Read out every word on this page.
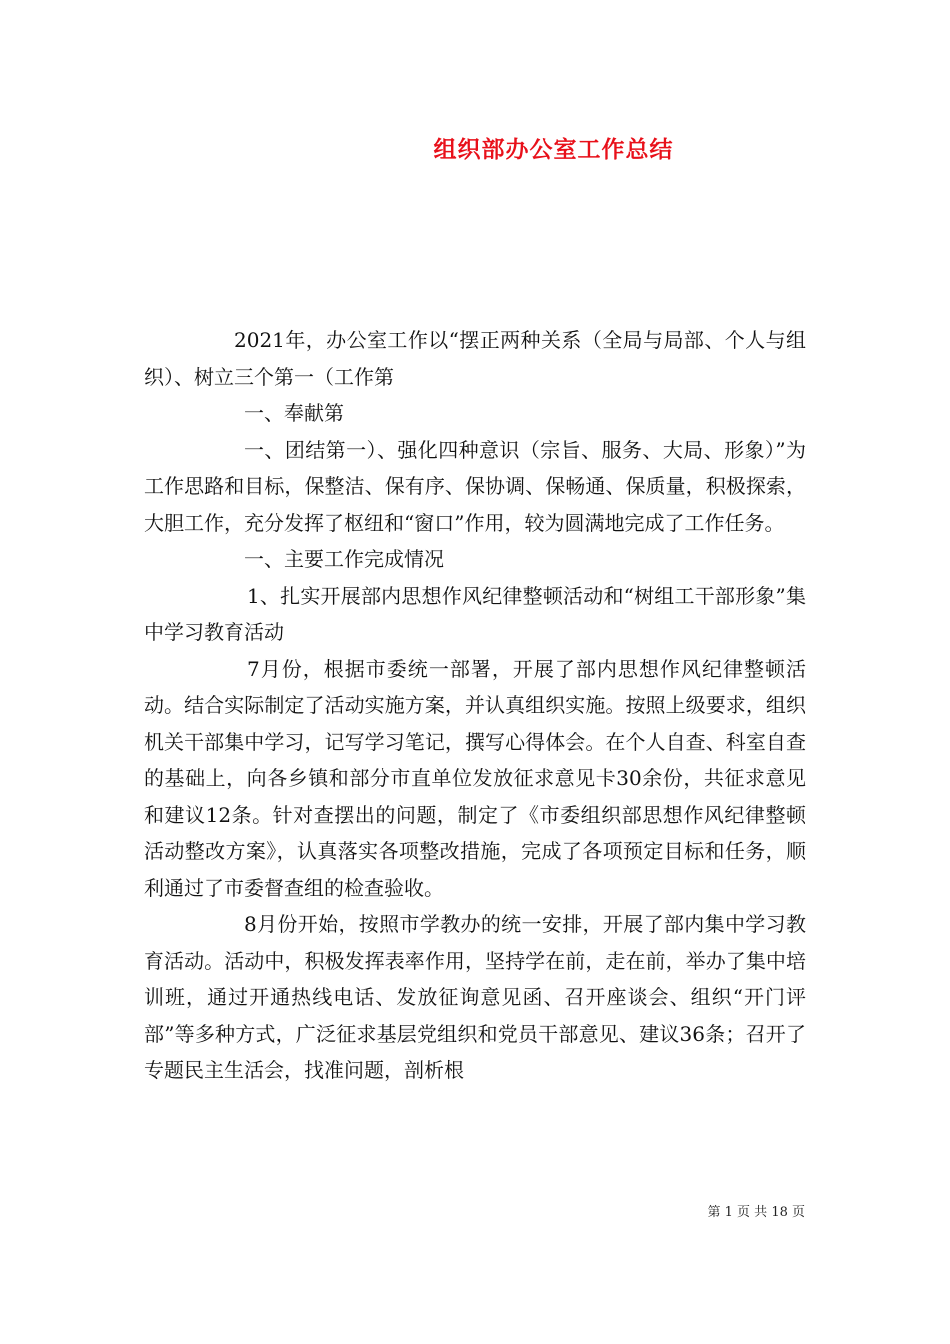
组织部办公室工作总结

2021年，办公室工作以“摆正两种关系（全局与局部、个人与组织）、树立三个第一（工作第

一、奉献第

一、团结第一）、强化四种意识（宗旨、服务、大局、形象）”为工作思路和目标，保整洁、保有序、保协调、保畅通、保质量，积极探索，大胆工作，充分发挥了枢纽和“窗口”作用，较为圆满地完成了工作任务。

一、主要工作完成情况

1、扎实开展部内思想作风纪律整顿活动和“树组工干部形象”集中学习教育活动

7月份，根据市委统一部署，开展了部内思想作风纪律整顿活动。结合实际制定了活动实施方案，并认真组织实施。按照上级要求，组织机关干部集中学习，记写学习笔记，撰写心得体会。在个人自查、科室自查的基础上，向各乡镇和部分市直单位发放征求意见卡30余份，共征求意见和建议12条。针对查摆出的问题，制定了《市委组织部思想作风纪律整顿活动整改方案》，认真落实各项整改措施，完成了各项预定目标和任务，顺利通过了市委督查组的检查验收。

8月份开始，按照市学教办的统一安排，开展了部内集中学习教育活动。活动中，积极发挥表率作用，坚持学在前，走在前，举办了集中培训班，通过开通热线电话、发放征询意见函、召开座谈会、组织“开门评部”等多种方式，广泛征求基层党组织和党员干部意见、建议36条；召开了专题民主生活会，找准问题，剖析根

第 1 页 共 18 页
